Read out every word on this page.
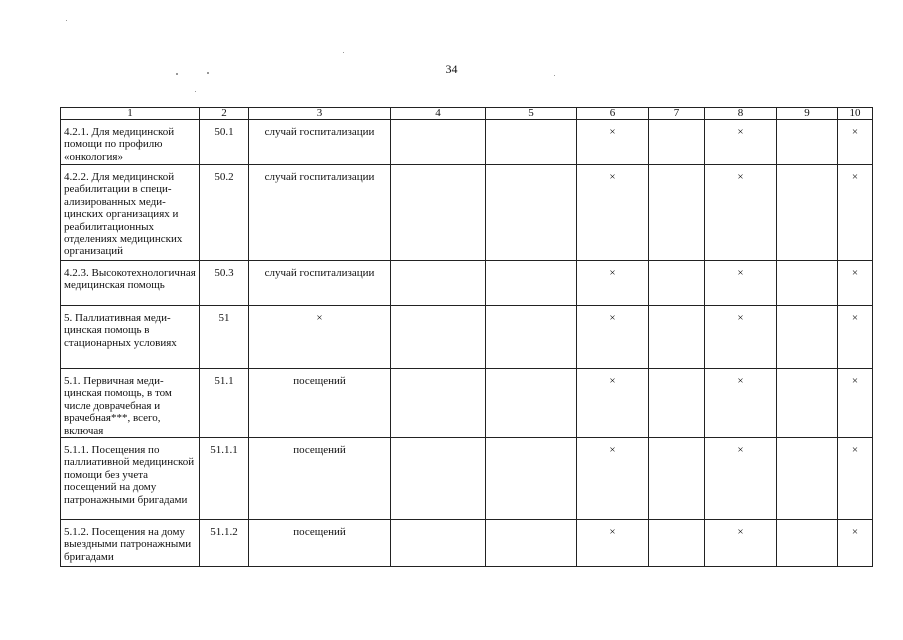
34
1	2	3	4	5	6	7	8	9	10
4.2.1. Для медицинской помощи по профилю «онкология»	50.1	случай госпитализации			×		×		×
4.2.2. Для медицинской реабилитации в специализированных медицинских организациях и реабилитационных отделениях медицинских организаций	50.2	случай госпитализации			×		×		×
4.2.3. Высокотехнологичная медицинская помощь	50.3	случай госпитализации			×		×		×
5. Паллиативная медицинская помощь в стационарных условиях	51	×			×		×		×
5.1. Первичная медицинская помощь, в том числе доврачебная и врачебная***, всего, включая	51.1	посещений			×		×		×
5.1.1. Посещения по паллиативной медицинской помощи без учета посещений на дому патронажными бригадами	51.1.1	посещений			×		×		×
5.1.2. Посещения на дому выездными патронажными бригадами	51.1.2	посещений			×		×		×
